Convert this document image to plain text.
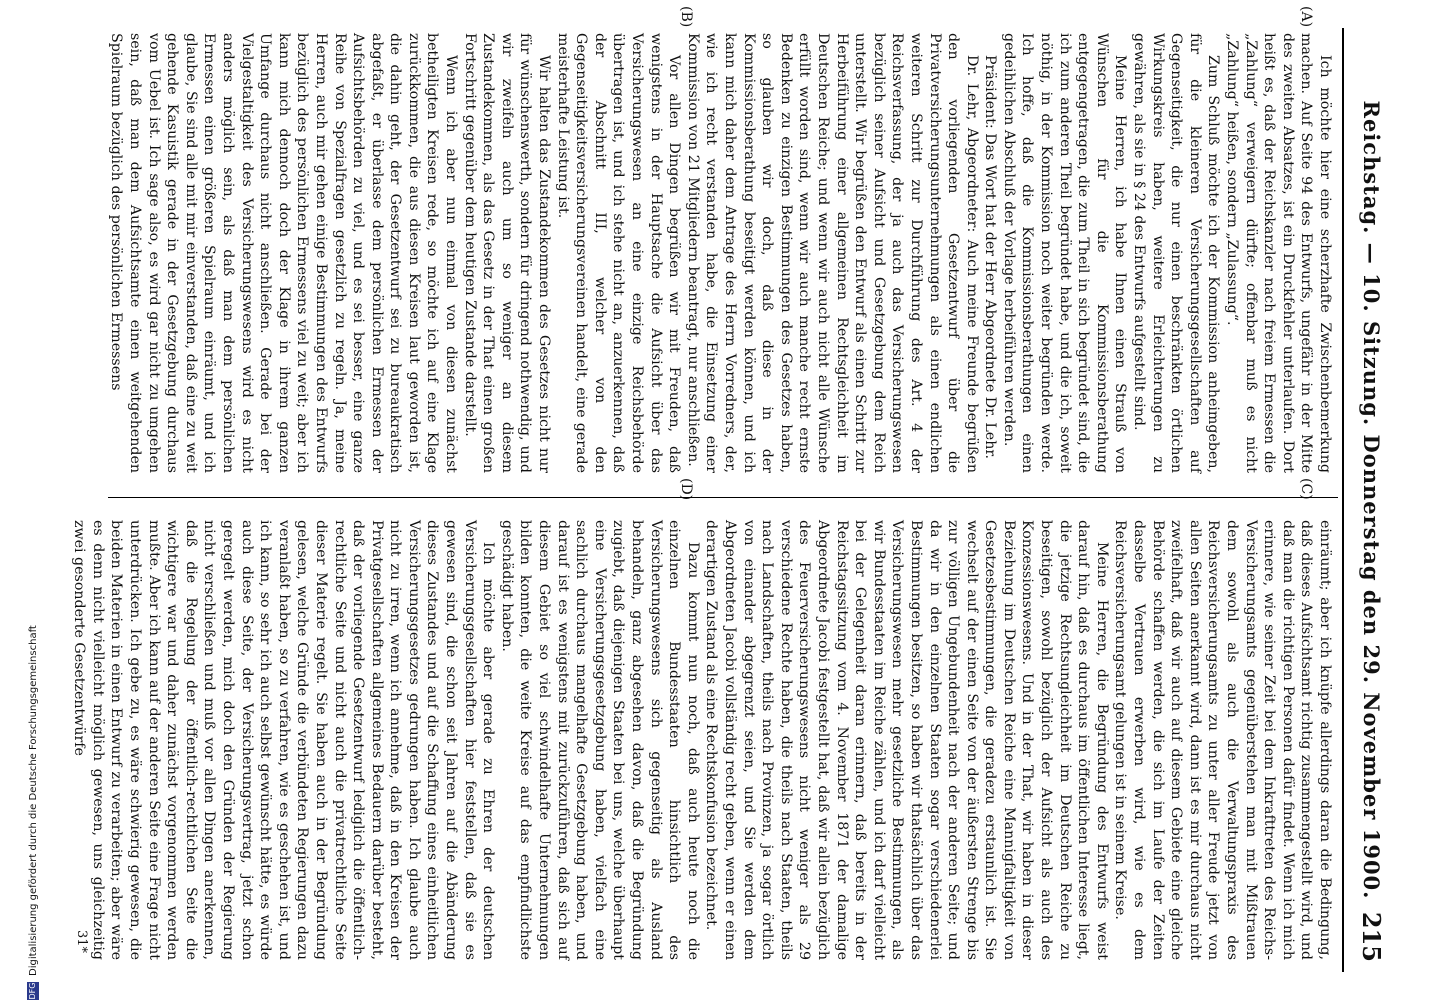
Reichstag. — 10. Sitzung. Donnerstag den 29. November 1900.
215
(A)
(B)
(C)
(D)

Ich möchte hier eine scherzhafte Zwischenbemerkung machen. Auf Seite 94 des Entwurfs, ungefähr in der Mitte des zweiten Absatzes, ist ein Druckfehler unterlaufen. Dort heißt es, daß der Reichskanzler nach freiem Ermessen die „Zahlung“ verweigern dürfte; offenbar muß es nicht „Zahlung“ heißen, sondern „Zulassung“.

Zum Schluß möchte ich der Kommission anheimgeben, für die kleineren Versicherungsgesellschaften auf Gegenseitigkeit, die nur einen beschränkten örtlichen Wirkungskreis haben, weitere Erleichterungen zu gewähren, als sie in § 24 des Entwurfs aufgestellt sind.

Meine Herren, ich habe Ihnen einen Strauß von Wünschen für die Kommissionsberathung entgegengetragen, die zum Theil in sich begründet sind, die ich zum anderen Theil begründet habe, und die ich, soweit nöthig, in der Kommission noch weiter begründen werde. Ich hoffe, daß die Kommissionsberathungen einen gedeihlichen Abschluß der Vorlage herbeiführen werden.

Präsident: Das Wort hat der Herr Abgeordnete Dr. Lehr.

Dr. Lehr, Abgeordneter: Auch meine Freunde begrüßen den vorliegenden Gesetzentwurf über die Privatversicherungsunternehmungen als einen endlichen weiteren Schritt zur Durchführung des Art. 4 der Reichsverfassung, der ja auch das Versicherungswesen bezüglich seiner Aufsicht und Gesetzgebung dem Reich unterstellt. Wir begrüßen den Entwurf als einen Schritt zur Herbeiführung einer allgemeinen Rechtsgleichheit im Deutschen Reiche; und wenn wir auch nicht alle Wünsche erfüllt worden sind, wenn wir auch manche recht ernste Bedenken zu einzigen Bestimmungen des Gesetzes haben, so glauben wir doch, daß diese in der Kommissionsberathung beseitigt werden können, und ich kann mich daher dem Antrage des Herrn Vorredners, der, wie ich recht verstanden habe, die Einsetzung einer Kommission von 21 Mitgliedern beantragt, nur anschließen.

Vor allen Dingen begrüßen wir mit Freuden, daß wenigstens in der Hauptsache die Aufsicht über das Versicherungswesen an eine einzige Reichsbehörde übertragen ist, und ich stehe nicht an, anzuerkennen, daß der Abschnitt III, welcher von den Gegenseitigkeitsversicherungsvereinen handelt, eine gerade meisterhafte Leistung ist.

Wir halten das Zustandekommen des Gesetzes nicht nur für wünschenswerth, sondern für dringend nothwendig, und wir zweifeln auch um so weniger an diesem Zustandekommen, als das Gesetz in der That einen großen Fortschritt gegenüber dem heutigen Zustande darstellt.

Wenn ich aber nun einmal von diesen zunächst betheiligten Kreisen rede, so möchte ich auf eine Klage zurückkommen, die aus diesen Kreisen laut geworden ist, die dahin geht, der Gesetzentwurf sei zu bureaukratisch abgefaßt, er überlasse dem persönlichen Ermessen der Aufsichtsbehörden zu viel, und es sei besser, eine ganze Reihe von Spezialfragen gesetzlich zu regeln. Ja, meine Herren, auch mir gehen einige Bestimmungen des Entwurfs bezüglich des persönlichen Ermessens viel zu weit; aber ich kann mich dennoch doch der Klage in ihrem ganzen Umfange durchaus nicht anschließen. Gerade bei der Vielgestaltigkeit des Versicherungswesens wird es nicht anders möglich sein, als daß man dem persönlichen Ermessen einen größeren Spielraum einräumt, und ich glaube, Sie sind alle mit mir einverstanden, daß eine zu weit gehende Kasuistik gerade in der Gesetzgebung durchaus vom Uebel ist. Ich sage also, es wird gar nicht zu umgehen sein, daß man dem Aufsichtsamte einen weitgehenden Spielraum bezüglich des persönlichen Ermessens

einräumt; aber ich knüpfe allerdings daran die Bedingung, daß dieses Aufsichtsamt richtig zusammengestellt wird, und daß man die richtigen Personen dafür findet. Wenn ich mich erinnere, wie seiner Zeit bei dem Inkrafttreten des Reichs-Versicherungsamts gegenüberstehen man mit Mißtrauen dem sowohl als auch die Verwaltungspraxis des Reichsversicherungsamts zu unter aller Freude jetzt von allen Seiten anerkannt wird, dann ist es mir durchaus nicht zweifelhaft, daß wir auch auf diesem Gebiete eine gleiche Behörde schaffen werden, die sich im Laufe der Zeiten dasselbe Vertrauen erwerben wird, wie es dem Reichsversicherungsamt gelungen ist in seinem Kreise.

Meine Herren, die Begründung des Entwurfs weist darauf hin, daß es durchaus im öffentlichen Interesse liegt, die jetzige Rechtsungleichheit im Deutschen Reiche zu beseitigen, sowohl bezüglich der Aufsicht als auch des Konzessionswesens. Und in der That, wir haben in dieser Beziehung im Deutschen Reiche eine Mannigfaltigkeit von Gesetzesbestimmungen, die geradezu erstaunlich ist. Sie wechselt auf der einen Seite von der äußersten Strenge bis zur völligen Ungebundenheit nach der anderen Seite; und da wir in den einzelnen Staaten sogar verschiedenerlei Bestimmungen besitzen, so haben wir thatsächlich über das Versicherungswesen mehr gesetzliche Bestimmungen, als wir Bundesstaaten im Reiche zählen, und ich darf vielleicht bei der Gelegenheit daran erinnern, daß bereits in der Reichstagssitzung vom 4. November 1871 der damalige Abgeordnete Jacobi festgestellt hat, daß wir allein bezüglich des Feuerversicherungswesens nicht weniger als 29 verschiedene Rechte haben, die theils nach Staaten, theils nach Landschaften, theils nach Provinzen, ja sogar örtlich von einander abgegrenzt seien, und Sie werden dem Abgeordneten Jacobi vollständig recht geben, wenn er einen derartigen Zustand als eine Rechtskonfusion bezeichnet.

Dazu kommt nun noch, daß auch heute noch die einzelnen Bundesstaaten hinsichtlich des Versicherungswesens sich gegenseitig als Ausland behandeln, ganz abgesehen davon, daß die Begründung zugiebt, daß diejenigen Staaten bei uns, welche überhaupt eine Versicherungsgesetzgebung haben, vielfach eine sachlich durchaus mangelhafte Gesetzgebung haben, und darauf ist es wenigstens mit zurückzuführen, daß sich auf diesem Gebiet so viel schwindelhafte Unternehmungen bilden konnten, die weite Kreise auf das empfindlichste geschädigt haben.

Ich möchte aber gerade zu Ehren der deutschen Versicherungsgesellschaften hier feststellen, daß sie es gewesen sind, die schon seit Jahren auf die Abänderung dieses Zustandes und auf die Schaffung eines einheitlichen Versicherungsgesetzes gedrungen haben. Ich glaube auch nicht zu irren, wenn ich annehme, daß in den Kreisen der Privatgesellschaften allgemeines Bedauern darüber besteht, daß der vorliegende Gesetzentwurf lediglich die öffentlich-rechtliche Seite und nicht auch die privatrechtliche Seite dieser Materie regelt. Sie haben auch in der Begründung gelesen, welche Gründe die verbündeten Regierungen dazu veranlaßt haben, so zu verfahren, wie es geschehen ist, und ich kann, so sehr ich auch selbst gewünscht hätte, es würde auch diese Seite, der Versicherungsvertrag, jetzt schon geregelt werden, mich doch den Gründen der Regierung nicht verschließen und muß vor allen Dingen anerkennen, daß die Regelung der öffentlich-rechtlichen Seite die wichtigere war und daher zunächst vorgenommen werden mußte. Aber ich kann auf der anderen Seite eine Frage nicht unterdrücken. Ich gebe zu, es wäre schwierig gewesen, die beiden Materien in einen Entwurf zu verarbeiten; aber wäre es denn nicht vielleicht möglich gewesen, uns gleichzeitig zwei gesonderte Gesetzentwürfe

31*
DFG
Digitalisierung gefördert durch die Deutsche Forschungsgemeinschaft
